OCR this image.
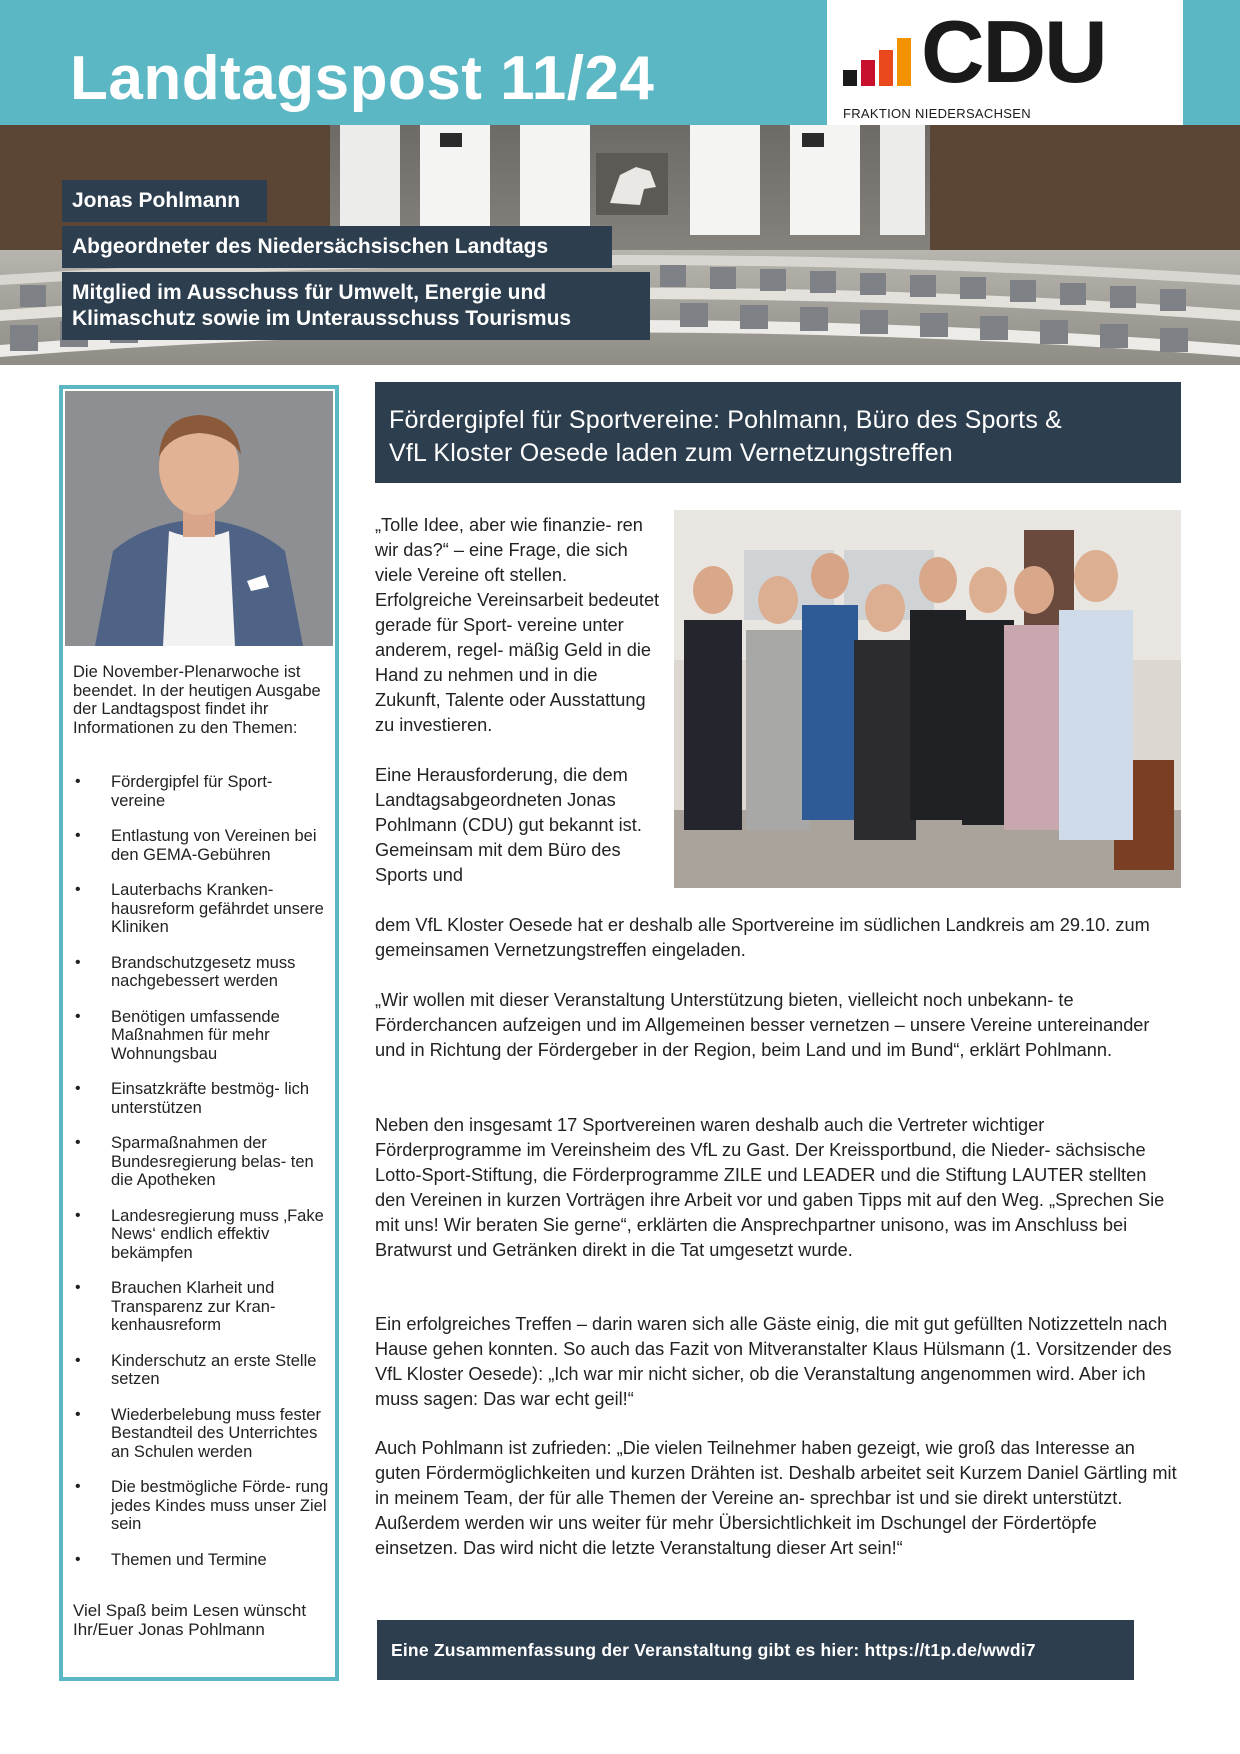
Landtagspost 11/24	CDU
FRAKTION NIEDERSACHSEN
Jonas Pohlmann
Abgeordneter des Niedersächsischen Landtags
Mitglied im Ausschuss für Umwelt, Energie und
Klimaschutz sowie im Unterausschuss Tourismus

Die November-Plenarwoche ist beendet. In der heutigen Ausgabe der Landtagspost findet ihr Informationen zu den Themen:

• Fördergipfel für Sport- vereine
• Entlastung von Vereinen bei den GEMA-Gebühren
• Lauterbachs Kranken- hausreform gefährdet unsere Kliniken
• Brandschutzgesetz muss nachgebessert werden
• Benötigen umfassende Maßnahmen für mehr Wohnungsbau
• Einsatzkräfte bestmög- lich unterstützen
• Sparmaßnahmen der Bundesregierung belas- ten die Apotheken
• Landesregierung muss ‚Fake News‘ endlich effektiv bekämpfen
• Brauchen Klarheit und Transparenz zur Kran- kenhausreform
• Kinderschutz an erste Stelle setzen
• Wiederbelebung muss fester Bestandteil des Unterrichtes an Schulen werden
• Die bestmögliche Förde- rung jedes Kindes muss unser Ziel sein
• Themen und Termine
Viel Spaß beim Lesen wünscht
Ihr/Euer Jonas Pohlmann
Fördergipfel für Sportvereine: Pohlmann, Büro des Sports &
VfL Kloster Oesede laden zum Vernetzungstreffen

„Tolle Idee, aber wie finanzie- ren wir das?“ – eine Frage, die sich viele Vereine oft stellen. Erfolgreiche Vereinsarbeit bedeutet gerade für Sport- vereine unter anderem, regel- mäßig Geld in die Hand zu nehmen und in die Zukunft, Talente oder Ausstattung zu investieren.

Eine Herausforderung, die dem Landtagsabgeordneten Jonas Pohlmann (CDU) gut bekannt ist. Gemeinsam mit dem Büro des Sports und

dem VfL Kloster Oesede hat er deshalb alle Sportvereine im südlichen Landkreis am 29.10. zum gemeinsamen Vernetzungstreffen eingeladen.

„Wir wollen mit dieser Veranstaltung Unterstützung bieten, vielleicht noch unbekann- te Förderchancen aufzeigen und im Allgemeinen besser vernetzen – unsere Vereine untereinander und in Richtung der Fördergeber in der Region, beim Land und im Bund“, erklärt Pohlmann.

Neben den insgesamt 17 Sportvereinen waren deshalb auch die Vertreter wichtiger Förderprogramme im Vereinsheim des VfL zu Gast. Der Kreissportbund, die Nieder- sächsische Lotto-Sport-Stiftung, die Förderprogramme ZILE und LEADER und die Stiftung LAUTER stellten den Vereinen in kurzen Vorträgen ihre Arbeit vor und gaben Tipps mit auf den Weg. „Sprechen Sie mit uns! Wir beraten Sie gerne“, erklärten die Ansprechpartner unisono, was im Anschluss bei Bratwurst und Getränken direkt in die Tat umgesetzt wurde.

Ein erfolgreiches Treffen – darin waren sich alle Gäste einig, die mit gut gefüllten Notizzetteln nach Hause gehen konnten. So auch das Fazit von Mitveranstalter Klaus Hülsmann (1. Vorsitzender des VfL Kloster Oesede): „Ich war mir nicht sicher, ob die Veranstaltung angenommen wird. Aber ich muss sagen: Das war echt geil!“

Auch Pohlmann ist zufrieden: „Die vielen Teilnehmer haben gezeigt, wie groß das Interesse an guten Fördermöglichkeiten und kurzen Drähten ist. Deshalb arbeitet seit Kurzem Daniel Gärtling mit in meinem Team, der für alle Themen der Vereine an- sprechbar ist und sie direkt unterstützt. Außerdem werden wir uns weiter für mehr Übersichtlichkeit im Dschungel der Fördertöpfe einsetzen. Das wird nicht die letzte Veranstaltung dieser Art sein!“

Eine Zusammenfassung der Veranstaltung gibt es hier: https://t1p.de/wwdi7
